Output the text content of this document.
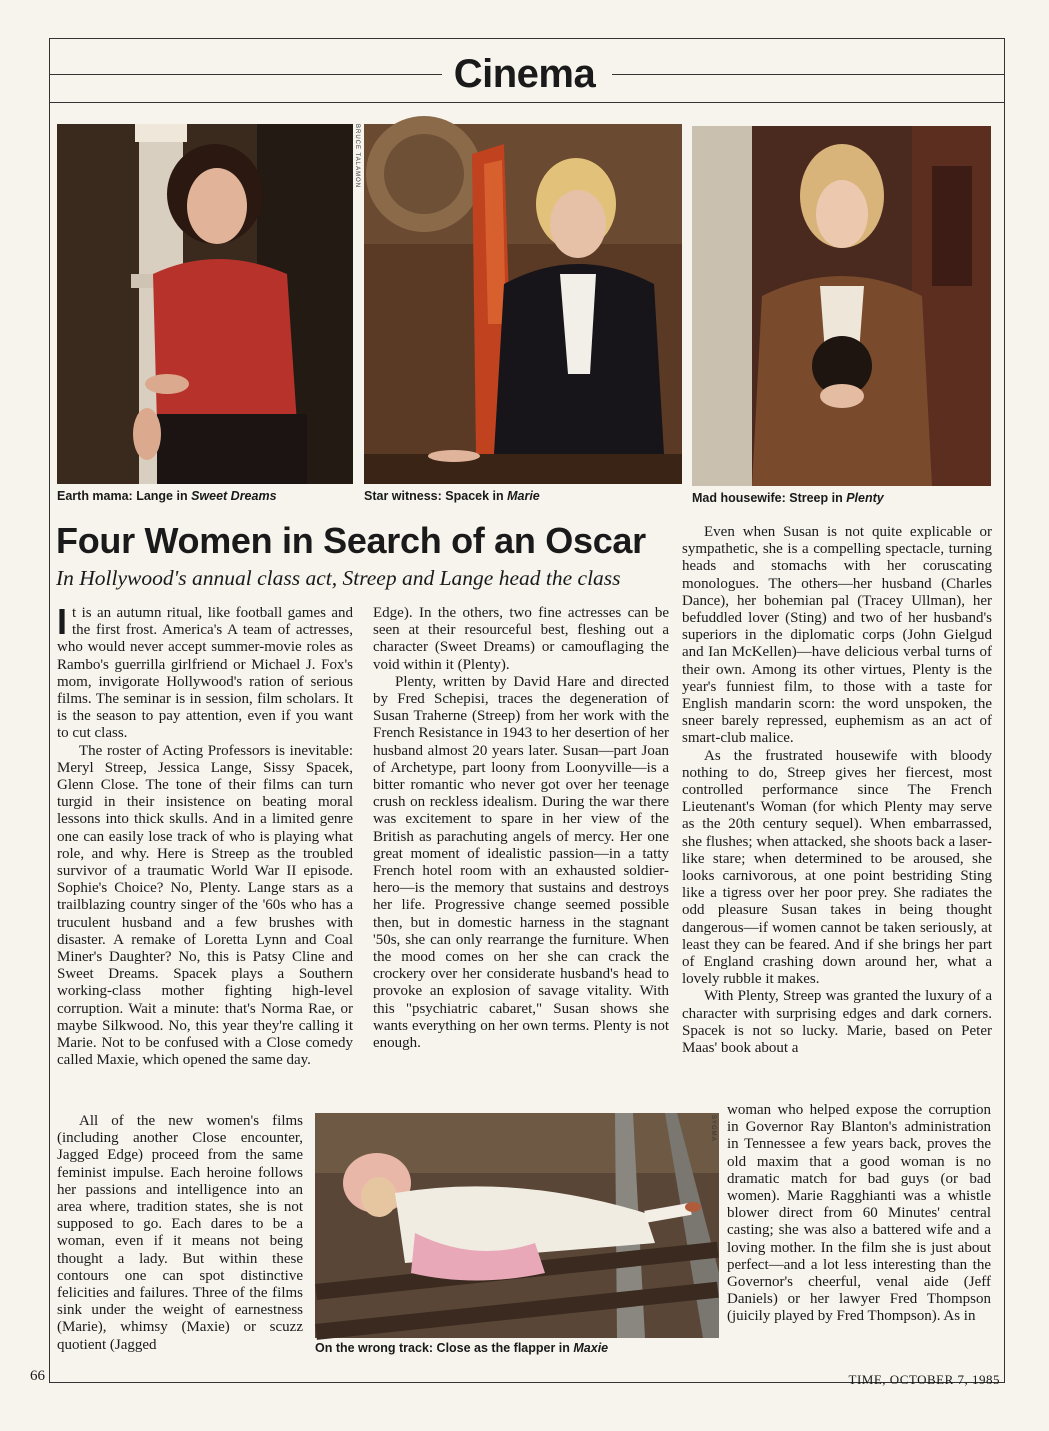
Cinema
BRUCE TALAMON
Earth mama: Lange in Sweet Dreams	Star witness: Spacek in Marie	Mad housewife: Streep in Plenty
Four Women in Search of an Oscar
In Hollywood's annual class act, Streep and Lange head the class

It is an autumn ritual, like football games and the first frost. America's A team of actresses, who would never accept summer-movie roles as Rambo's guerrilla girlfriend or Michael J. Fox's mom, invigorate Hollywood's ration of serious films. The seminar is in session, film scholars. It is the season to pay attention, even if you want to cut class.

The roster of Acting Professors is inevitable: Meryl Streep, Jessica Lange, Sissy Spacek, Glenn Close. The tone of their films can turn turgid in their insistence on beating moral lessons into thick skulls. And in a limited genre one can easily lose track of who is playing what role, and why. Here is Streep as the troubled survivor of a traumatic World War II episode. Sophie's Choice? No, Plenty. Lange stars as a trailblazing country singer of the '60s who has a truculent husband and a few brushes with disaster. A remake of Loretta Lynn and Coal Miner's Daughter? No, this is Patsy Cline and Sweet Dreams. Spacek plays a Southern working-class mother fighting high-level corruption. Wait a minute: that's Norma Rae, or maybe Silkwood. No, this year they're calling it Marie. Not to be confused with a Close comedy called Maxie, which opened the same day.

All of the new women's films (including another Close encounter, Jagged Edge) proceed from the same feminist impulse. Each heroine follows her passions and intelligence into an area where, tradition states, she is not supposed to go. Each dares to be a woman, even if it means not being thought a lady. But within these contours one can spot distinctive felicities and failures. Three of the films sink under the weight of earnestness (Marie), whimsy (Maxie) or scuzz quotient (Jagged

Edge). In the others, two fine actresses can be seen at their resourceful best, fleshing out a character (Sweet Dreams) or camouflaging the void within it (Plenty).

Plenty, written by David Hare and directed by Fred Schepisi, traces the degeneration of Susan Traherne (Streep) from her work with the French Resistance in 1943 to her desertion of her husband almost 20 years later. Susan—part Joan of Archetype, part loony from Loonyville—is a bitter romantic who never got over her teenage crush on reckless idealism. During the war there was excitement to spare in her view of the British as parachuting angels of mercy. Her one great moment of idealistic passion—in a tatty French hotel room with an exhausted soldier-hero—is the memory that sustains and destroys her life. Progressive change seemed possible then, but in domestic harness in the stagnant '50s, she can only rearrange the furniture. When the mood comes on her she can crack the crockery over her considerate husband's head to provoke an explosion of savage vitality. With this "psychiatric cabaret," Susan shows she wants everything on her own terms. Plenty is not enough.

Even when Susan is not quite explicable or sympathetic, she is a compelling spectacle, turning heads and stomachs with her coruscating monologues. The others—her husband (Charles Dance), her bohemian pal (Tracey Ullman), her befuddled lover (Sting) and two of her husband's superiors in the diplomatic corps (John Gielgud and Ian McKellen)—have delicious verbal turns of their own. Among its other virtues, Plenty is the year's funniest film, to those with a taste for English mandarin scorn: the word unspoken, the sneer barely repressed, euphemism as an act of smart-club malice.

As the frustrated housewife with bloody nothing to do, Streep gives her fiercest, most controlled performance since The French Lieutenant's Woman (for which Plenty may serve as the 20th century sequel). When embarrassed, she flushes; when attacked, she shoots back a laser-like stare; when determined to be aroused, she looks carnivorous, at one point bestriding Sting like a tigress over her poor prey. She radiates the odd pleasure Susan takes in being thought dangerous—if women cannot be taken seriously, at least they can be feared. And if she brings her part of England crashing down around her, what a lovely rubble it makes.

With Plenty, Streep was granted the luxury of a character with surprising edges and dark corners. Spacek is not so lucky. Marie, based on Peter Maas' book about a

woman who helped expose the corruption in Governor Ray Blanton's administration in Tennessee a few years back, proves the old maxim that a good woman is no dramatic match for bad guys (or bad women). Marie Ragghianti was a whistle blower direct from 60 Minutes' central casting; she was also a battered wife and a loving mother. In the film she is just about perfect—and a lot less interesting than the Governor's cheerful, venal aide (Jeff Daniels) or her lawyer Fred Thompson (juicily played by Fred Thompson). As in

SYGMA
On the wrong track: Close as the flapper in Maxie
66	TIME, OCTOBER 7, 1985
